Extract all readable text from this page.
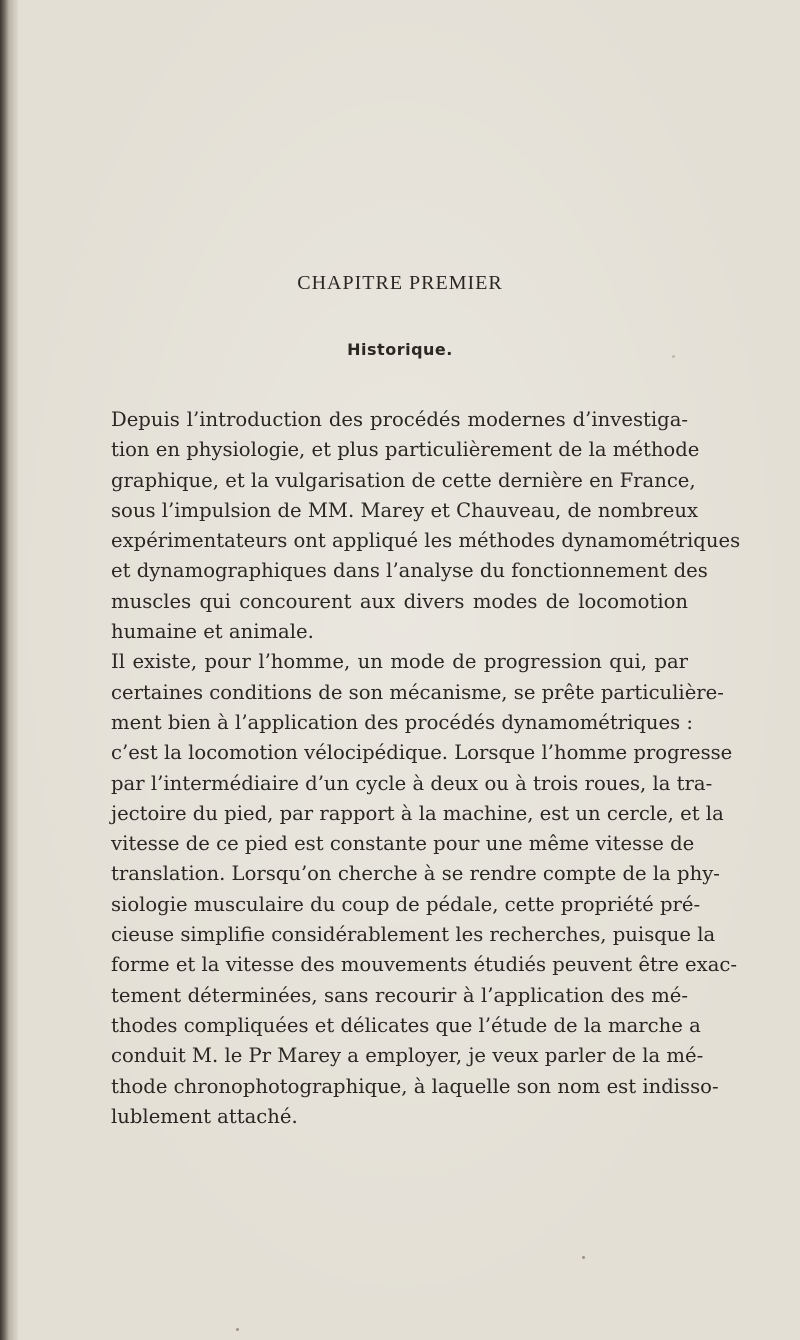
CHAPITRE PREMIER
Historique.

Depuis l’introduction des procédés modernes d’investiga-
tion en physiologie, et plus particulièrement de la méthode
graphique, et la vulgarisation de cette dernière en France,
sous l’impulsion de MM. Marey et Chauveau, de nombreux
expérimentateurs ont appliqué les méthodes dynamométriques
et dynamographiques dans l’analyse du fonctionnement des
muscles qui concourent aux divers modes de locomotion
humaine et animale.

Il existe, pour l’homme, un mode de progression qui, par
certaines conditions de son mécanisme, se prête particulière-
ment bien à l’application des procédés dynamométriques :
c’est la locomotion vélocipédique. Lorsque l’homme progresse
par l’intermédiaire d’un cycle à deux ou à trois roues, la tra-
jectoire du pied, par rapport à la machine, est un cercle, et la
vitesse de ce pied est constante pour une même vitesse de
translation. Lorsqu’on cherche à se rendre compte de la phy-
siologie musculaire du coup de pédale, cette propriété pré-
cieuse simplifie considérablement les recherches, puisque la
forme et la vitesse des mouvements étudiés peuvent être exac-
tement déterminées, sans recourir à l’application des mé-
thodes compliquées et délicates que l’étude de la marche a
conduit M. le Pr Marey a employer, je veux parler de la mé-
thode chronophotographique, à laquelle son nom est indisso-
lublement attaché.
